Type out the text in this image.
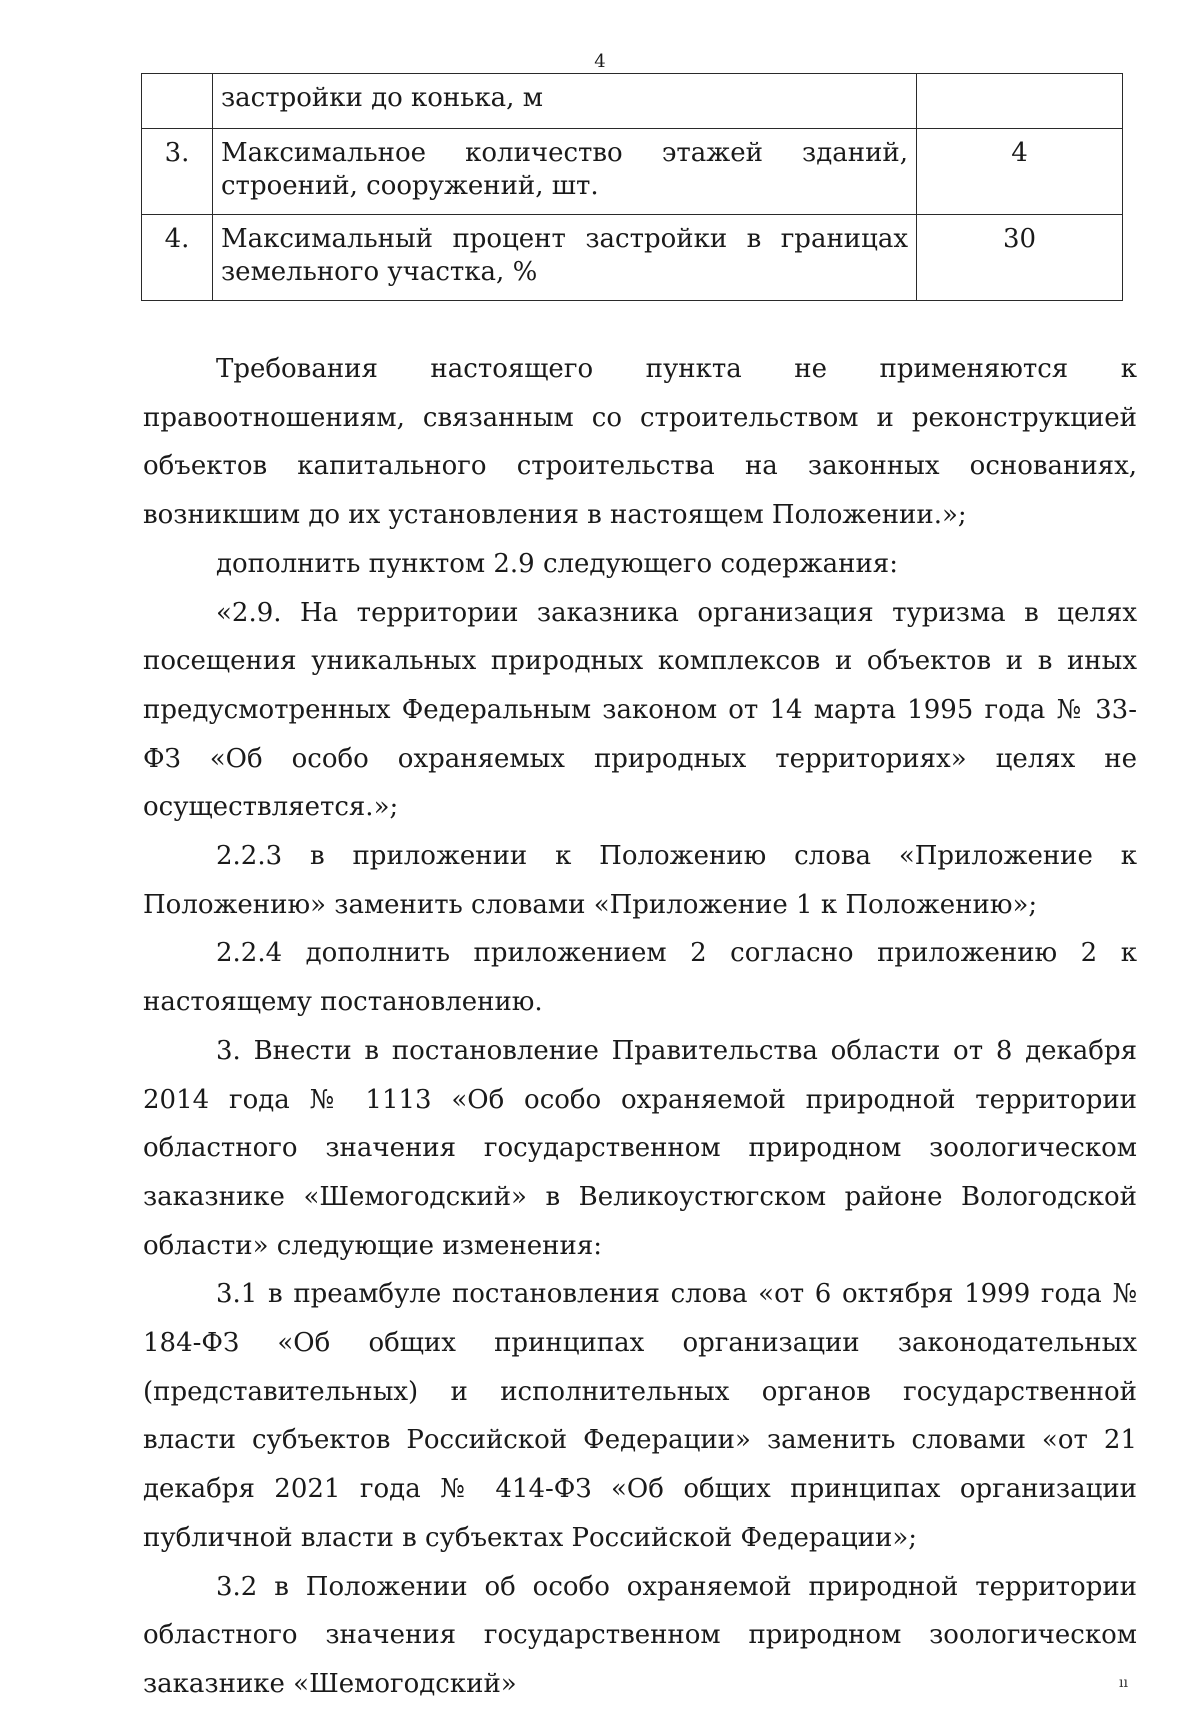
4

	застройки до конька, м	

3.	Максимальное количество этажей зданий, строений, сооружений, шт.	4

4.	Максимальный процент застройки в границах земельного участка, %	30

Требования настоящего пункта не применяются к правоотношениям, связанным со строительством и реконструкцией объектов капитального строительства на законных основаниях, возникшим до их установления в настоящем Положении.»;

дополнить пунктом 2.9 следующего содержания:

«2.9. На территории заказника организация туризма в целях посещения уникальных природных комплексов и объектов и в иных предусмотренных Федеральным законом от 14 марта 1995 года № 33-ФЗ «Об особо охраняемых природных территориях» целях не осуществляется.»;

2.2.3 в приложении к Положению слова «Приложение к Положению» заменить словами «Приложение 1 к Положению»;

2.2.4 дополнить приложением 2 согласно приложению 2 к настоящему постановлению.

3. Внести в постановление Правительства области от 8 декабря 2014 года № 1113 «Об особо охраняемой природной территории областного значения государственном природном зоологическом заказнике «Шемогодский» в Великоустюгском районе Вологодской области» следующие изменения:

3.1 в преамбуле постановления слова «от 6 октября 1999 года № 184-ФЗ «Об общих принципах организации законодательных (представительных) и исполнительных органов государственной власти субъектов Российской Федерации» заменить словами «от 21 декабря 2021 года № 414-ФЗ «Об общих принципах организации публичной власти в субъектах Российской Федерации»;

3.2 в Положении об особо охраняемой природной территории областного значения государственном природном зоологическом заказнике «Шемогодский»	ıı
